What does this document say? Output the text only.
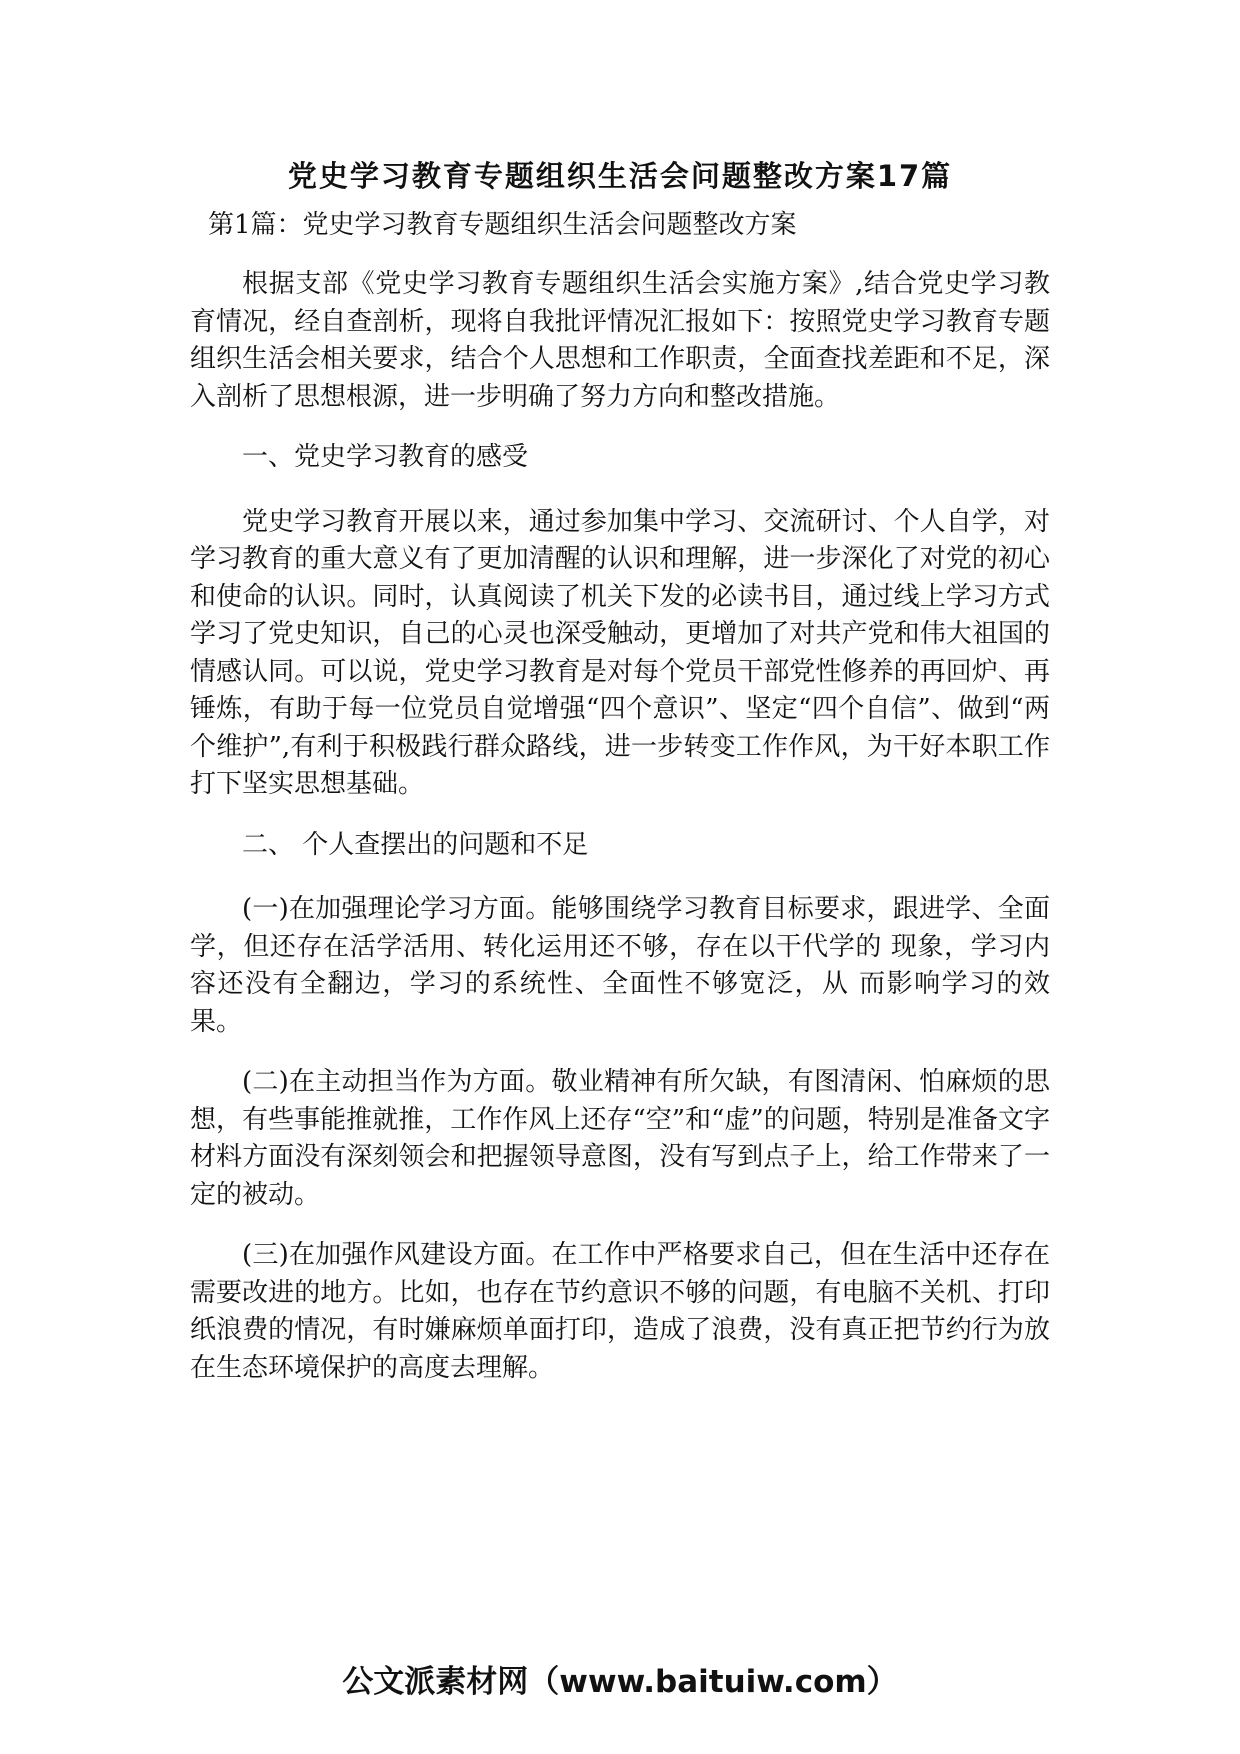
党史学习教育专题组织生活会问题整改方案17篇
第1篇：党史学习教育专题组织生活会问题整改方案

根据支部《党史学习教育专题组织生活会实施方案》,结合党史学习教育情况，经自查剖析，现将自我批评情况汇报如下：按照党史学习教育专题组织生活会相关要求，结合个人思想和工作职责，全面查找差距和不足，深入剖析了思想根源，进一步明确了努力方向和整改措施。

一、党史学习教育的感受

党史学习教育开展以来，通过参加集中学习、交流研讨、个人自学，对学习教育的重大意义有了更加清醒的认识和理解，进一步深化了对党的初心和使命的认识。同时，认真阅读了机关下发的必读书目，通过线上学习方式学习了党史知识，自己的心灵也深受触动，更增加了对共产党和伟大祖国的情感认同。可以说，党史学习教育是对每个党员干部党性修养的再回炉、再锤炼，有助于每一位党员自觉增强“四个意识”、坚定“四个自信”、做到“两个维护”,有利于积极践行群众路线，进一步转变工作作风，为干好本职工作打下坚实思想基础。

二、 个人查摆出的问题和不足

(一)在加强理论学习方面。能够围绕学习教育目标要求，跟进学、全面学，但还存在活学活用、转化运用还不够，存在以干代学的 现象，学习内容还没有全翻边，学习的系统性、全面性不够宽泛，从 而影响学习的效果。

(二)在主动担当作为方面。敬业精神有所欠缺，有图清闲、怕麻烦的思想，有些事能推就推，工作作风上还存“空”和“虚”的问题，特别是准备文字材料方面没有深刻领会和把握领导意图，没有写到点子上，给工作带来了一定的被动。

(三)在加强作风建设方面。在工作中严格要求自己，但在生活中还存在需要改进的地方。比如，也存在节约意识不够的问题，有电脑不关机、打印纸浪费的情况，有时嫌麻烦单面打印，造成了浪费，没有真正把节约行为放在生态环境保护的高度去理解。

公文派素材网（www.baituiw.com）
